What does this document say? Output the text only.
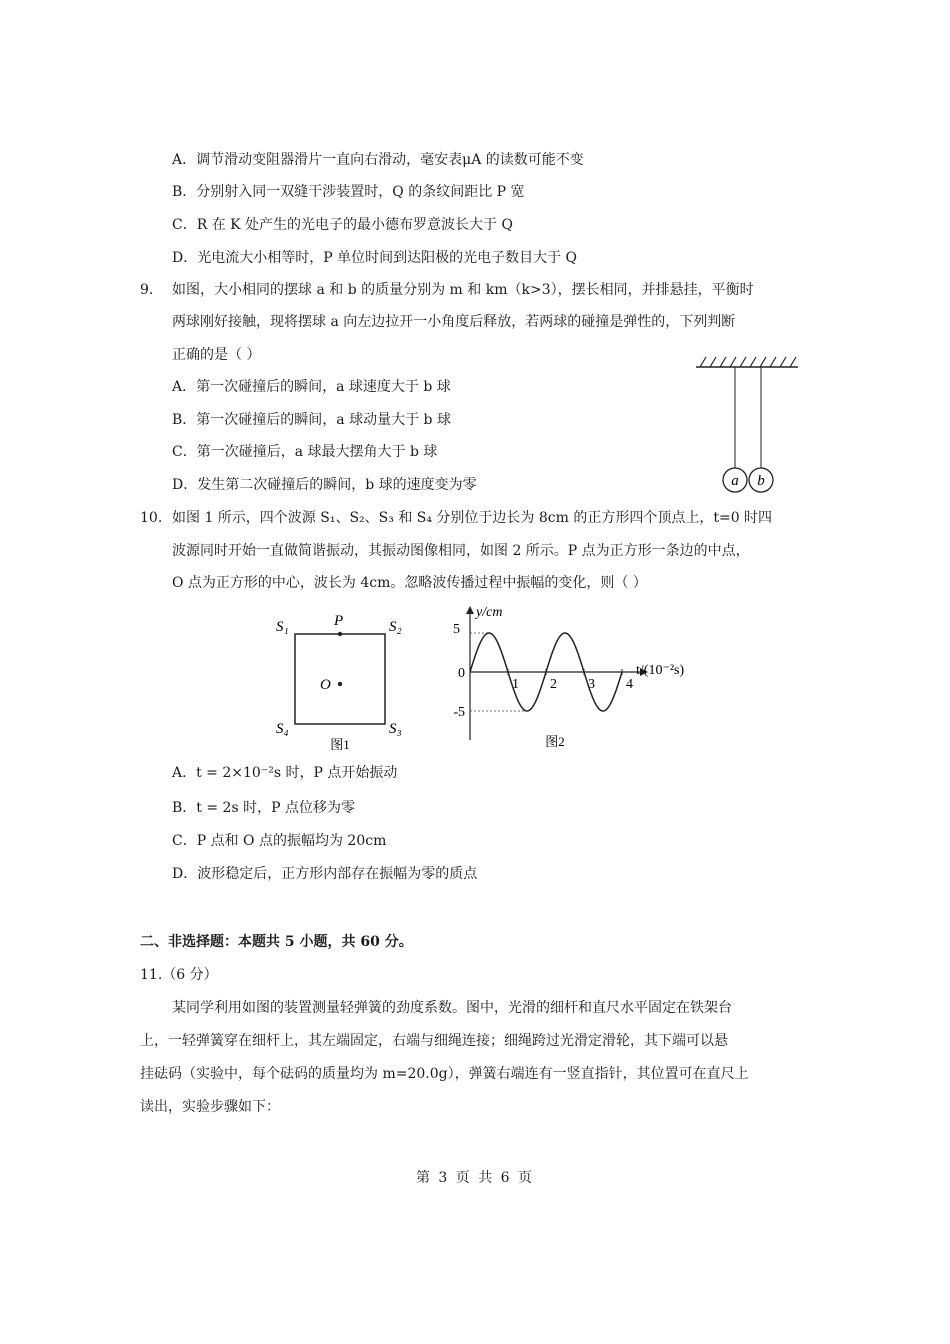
A．调节滑动变阻器滑片一直向右滑动，毫安表μA 的读数可能不变
B．分别射入同一双缝干涉装置时，Q 的条纹间距比 P 宽
C．R 在 K 处产生的光电子的最小德布罗意波长大于 Q
D．光电流大小相等时，P 单位时间到达阳极的光电子数目大于 Q
9. 如图，大小相同的摆球 a 和 b 的质量分别为 m 和 km（k>3），摆长相同，并排悬挂，平衡时
两球刚好接触，现将摆球 a 向左边拉开一小角度后释放，若两球的碰撞是弹性的，下列判断
正确的是（ ）
A．第一次碰撞后的瞬间，a 球速度大于 b 球
B．第一次碰撞后的瞬间，a 球动量大于 b 球
C．第一次碰撞后，a 球最大摆角大于 b 球
D．发生第二次碰撞后的瞬间，b 球的速度变为零	a b
10. 如图 1 所示，四个波源 S₁、S₂、S₃ 和 S₄ 分别位于边长为 8cm 的正方形四个顶点上，t=0 时四
波源同时开始一直做简谐振动，其振动图像相同，如图 2 所示。P 点为正方形一条边的中点，
O 点为正方形的中心，波长为 4cm。忽略波传播过程中振幅的变化，则（ ）
S₁	S₂
S₃
S₄
P
O
图1
1 2 3 4
y/cm
t/(10⁻²s)
5
0
-5
图2
A．t = 2×10⁻²s 时，P 点开始振动
B．t = 2s 时，P 点位移为零
C．P 点和 O 点的振幅均为 20cm
D．波形稳定后，正方形内部存在振幅为零的质点
二、非选择题：本题共 5 小题，共 60 分。
11.（6 分）
某同学利用如图的装置测量轻弹簧的劲度系数。图中，光滑的细杆和直尺水平固定在铁架台
上，一轻弹簧穿在细杆上，其左端固定，右端与细绳连接；细绳跨过光滑定滑轮，其下端可以悬
挂砝码（实验中，每个砝码的质量均为 m=20.0g），弹簧右端连有一竖直指针，其位置可在直尺上
读出，实验步骤如下：
第 3 页 共 6 页
